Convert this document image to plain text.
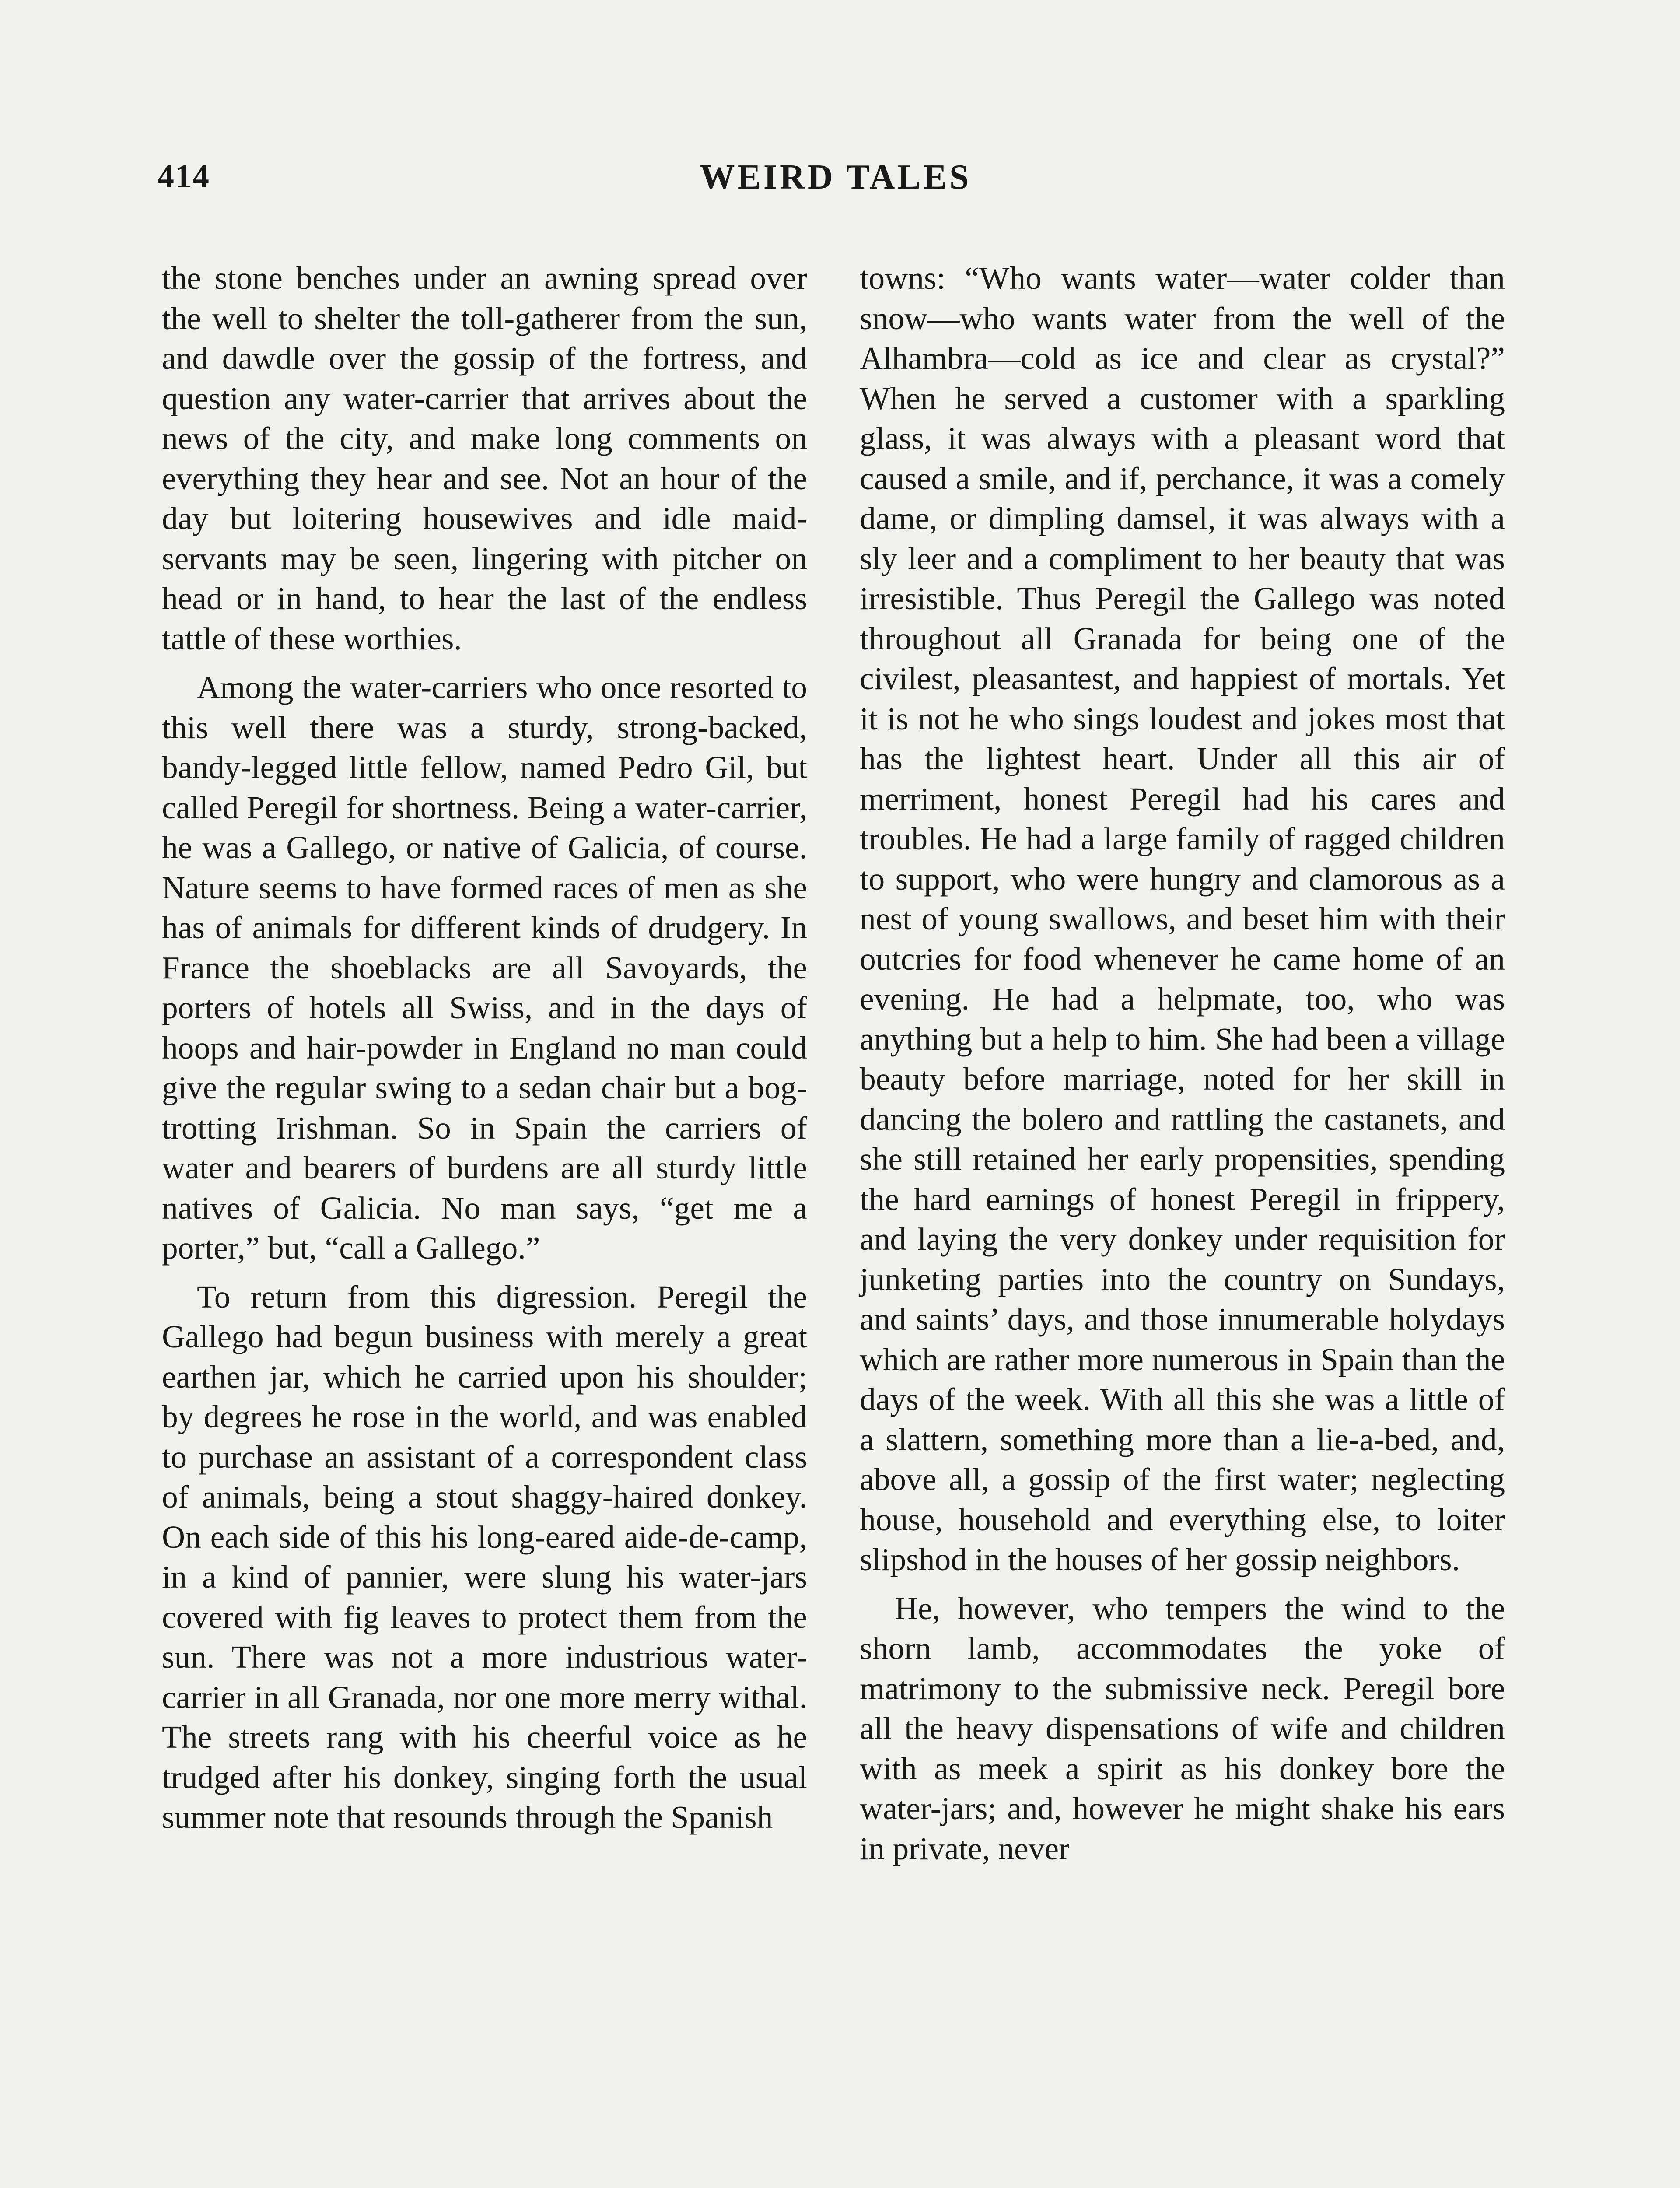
WEIRD TALES
414

the stone benches under an awning spread over the well to shelter the toll-gatherer from the sun, and dawdle over the gossip of the fortress, and question any water-carrier that arrives about the news of the city, and make long comments on everything they hear and see. Not an hour of the day but loitering housewives and idle maid-servants may be seen, lingering with pitcher on head or in hand, to hear the last of the endless tattle of these worthies.

Among the water-carriers who once resorted to this well there was a sturdy, strong-backed, bandy-legged little fellow, named Pedro Gil, but called Peregil for shortness. Being a water-carrier, he was a Gallego, or native of Galicia, of course. Nature seems to have formed races of men as she has of animals for different kinds of drudgery. In France the shoeblacks are all Savoyards, the porters of hotels all Swiss, and in the days of hoops and hair-powder in England no man could give the regular swing to a sedan chair but a bog-trotting Irishman. So in Spain the carriers of water and bearers of burdens are all sturdy little natives of Galicia. No man says, “get me a porter,” but, “call a Gallego.”

To return from this digression. Peregil the Gallego had begun business with merely a great earthen jar, which he carried upon his shoulder; by degrees he rose in the world, and was enabled to purchase an assistant of a correspondent class of animals, being a stout shaggy-haired donkey. On each side of this his long-eared aide-de-camp, in a kind of pannier, were slung his water-jars covered with fig leaves to protect them from the sun. There was not a more industrious water-carrier in all Granada, nor one more merry withal. The streets rang with his cheerful voice as he trudged after his donkey, singing forth the usual summer note that resounds through the Spanish

towns: “Who wants water—water colder than snow—who wants water from the well of the Alhambra—cold as ice and clear as crystal?” When he served a customer with a sparkling glass, it was always with a pleasant word that caused a smile, and if, perchance, it was a comely dame, or dimpling damsel, it was always with a sly leer and a compliment to her beauty that was irresistible. Thus Peregil the Gallego was noted throughout all Granada for being one of the civilest, pleasantest, and happiest of mortals. Yet it is not he who sings loudest and jokes most that has the lightest heart. Under all this air of merriment, honest Peregil had his cares and troubles. He had a large family of ragged children to support, who were hungry and clamorous as a nest of young swallows, and beset him with their outcries for food whenever he came home of an evening. He had a helpmate, too, who was anything but a help to him. She had been a village beauty before marriage, noted for her skill in dancing the bolero and rattling the castanets, and she still retained her early propensities, spending the hard earnings of honest Peregil in frippery, and laying the very donkey under requisition for junketing parties into the country on Sundays, and saints’ days, and those innumerable holydays which are rather more numerous in Spain than the days of the week. With all this she was a little of a slattern, something more than a lie-a-bed, and, above all, a gossip of the first water; neglecting house, household and everything else, to loiter slipshod in the houses of her gossip neighbors.

He, however, who tempers the wind to the shorn lamb, accommodates the yoke of matrimony to the submissive neck. Peregil bore all the heavy dispensations of wife and children with as meek a spirit as his donkey bore the water-jars; and, however he might shake his ears in private, never
